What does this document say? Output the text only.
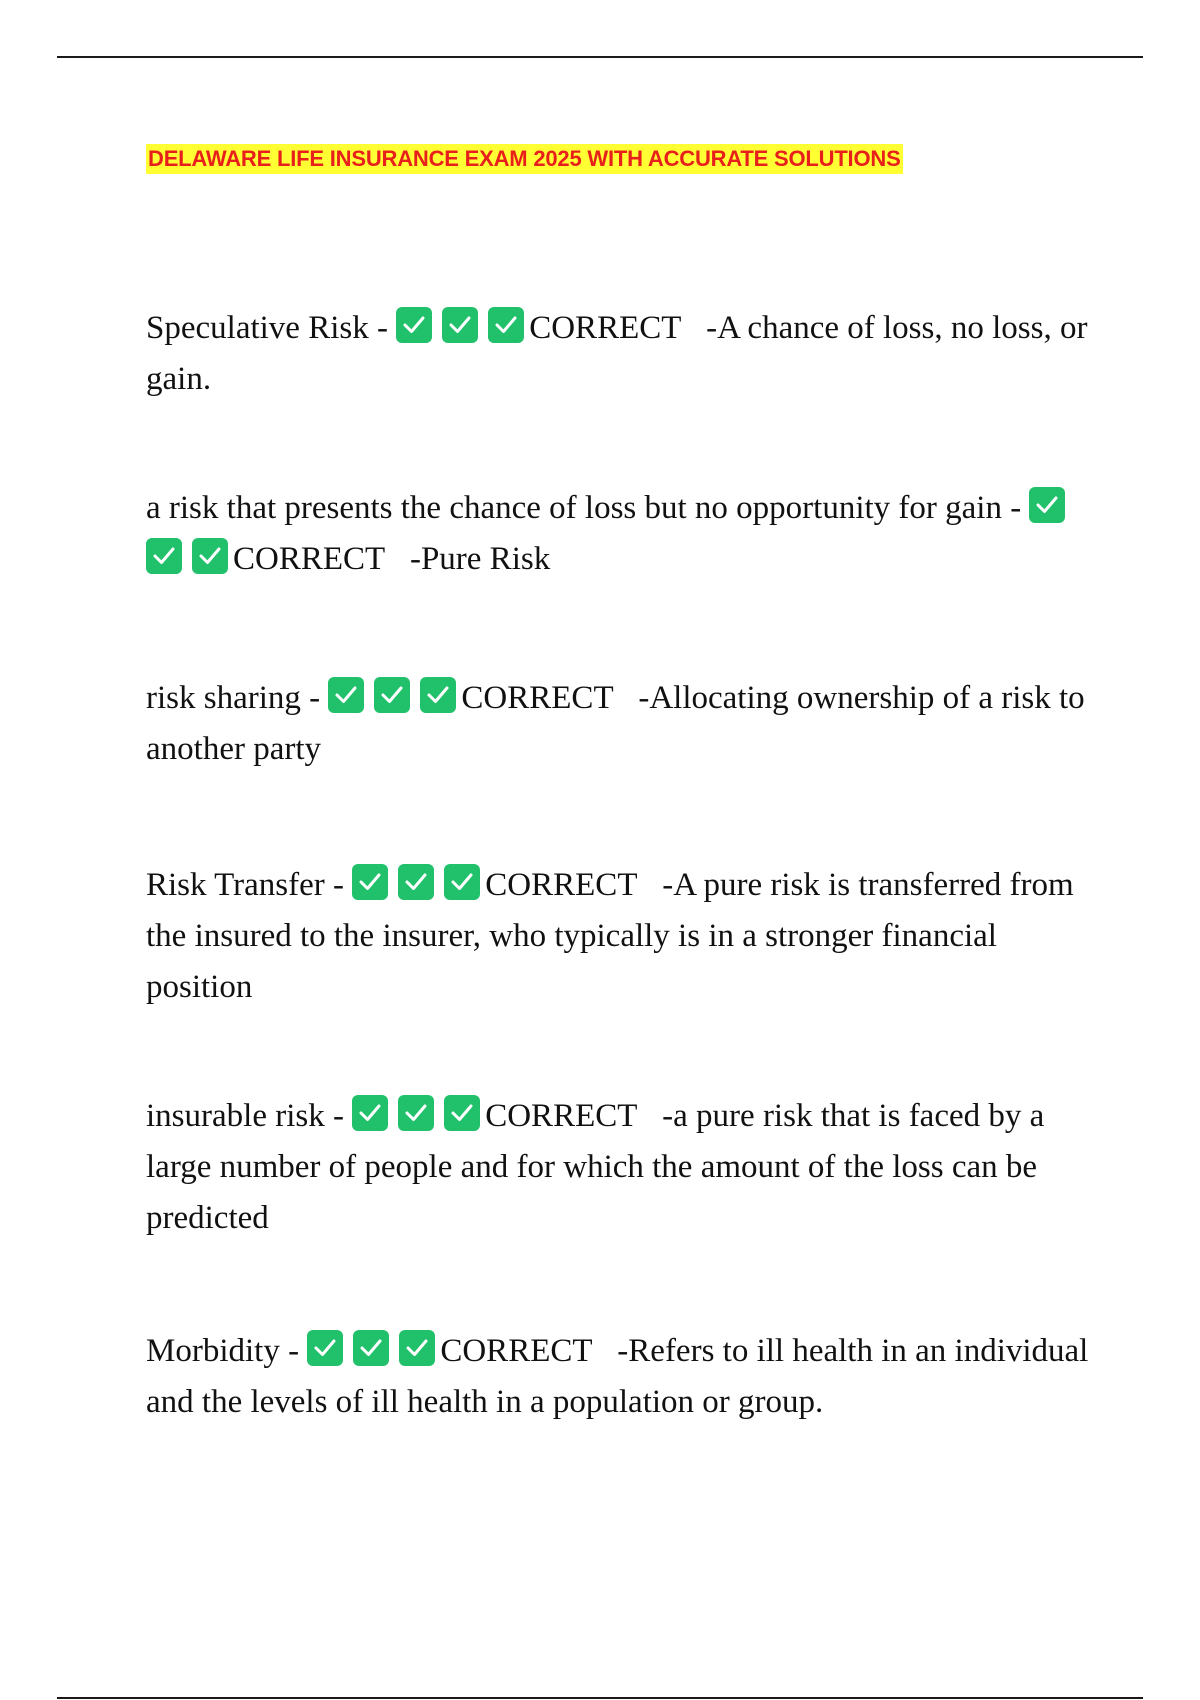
DELAWARE LIFE INSURANCE EXAM 2025 WITH ACCURATE SOLUTIONS

Speculative Risk -	CORRECT -A chance of loss, no loss, or gain.

a risk that presents the chance of loss but no opportunity for gain -
CORRECT -Pure Risk

risk sharing -	CORRECT -Allocating ownership of a risk to another party

Risk Transfer -	CORRECT -A pure risk is transferred from the insured to the insurer, who typically is in a stronger financial position

insurable risk -	CORRECT -a pure risk that is faced by a large number of people and for which the amount of the loss can be predicted

Morbidity -	CORRECT -Refers to ill health in an individual and the levels of ill health in a population or group.
